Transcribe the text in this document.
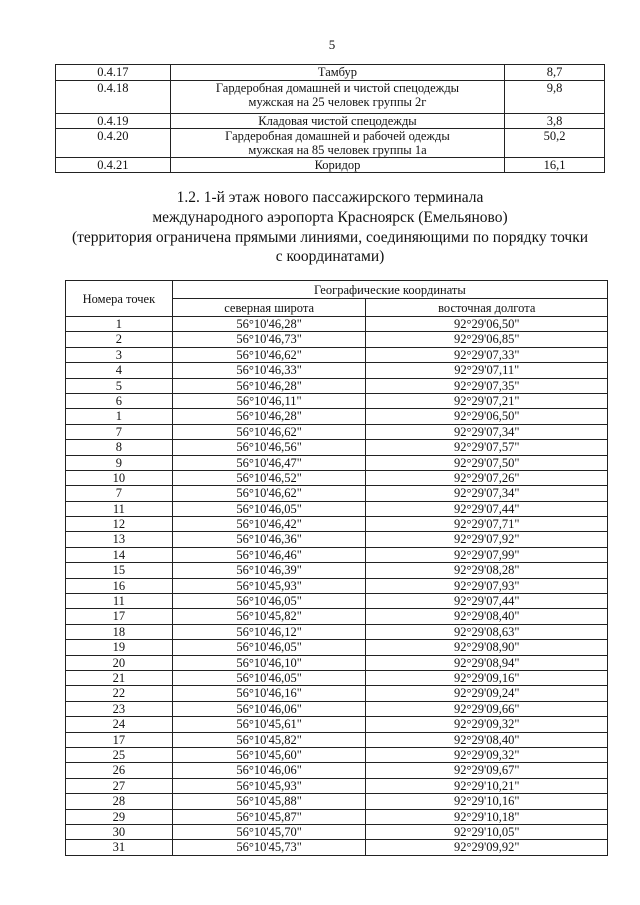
5
0.4.17	Тамбур	8,7
0.4.18	Гардеробная домашней и чистой спецодежды мужская на 25 человек группы 2г	9,8
0.4.19	Кладовая чистой спецодежды	3,8
0.4.20	Гардеробная домашней и рабочей одежды мужская на 85 человек группы 1а	50,2
0.4.21	Коридор	16,1
1.2. 1-й этаж нового пассажирского терминала
международного аэропорта Красноярск (Емельяново)
(территория ограничена прямыми линиями, соединяющими по порядку точки
с координатами)
Номера точек	Географические координаты	
	северная широта	восточная долгота
1	56°10'46,28"	92°29'06,50"
2	56°10'46,73"	92°29'06,85"
3	56°10'46,62"	92°29'07,33"
4	56°10'46,33"	92°29'07,11"
5	56°10'46,28"	92°29'07,35"
6	56°10'46,11"	92°29'07,21"
1	56°10'46,28"	92°29'06,50"
7	56°10'46,62"	92°29'07,34"
8	56°10'46,56"	92°29'07,57"
9	56°10'46,47"	92°29'07,50"
10	56°10'46,52"	92°29'07,26"
7	56°10'46,62"	92°29'07,34"
11	56°10'46,05"	92°29'07,44"
12	56°10'46,42"	92°29'07,71"
13	56°10'46,36"	92°29'07,92"
14	56°10'46,46"	92°29'07,99"
15	56°10'46,39"	92°29'08,28"
16	56°10'45,93"	92°29'07,93"
11	56°10'46,05"	92°29'07,44"
17	56°10'45,82"	92°29'08,40"
18	56°10'46,12"	92°29'08,63"
19	56°10'46,05"	92°29'08,90"
20	56°10'46,10"	92°29'08,94"
21	56°10'46,05"	92°29'09,16"
22	56°10'46,16"	92°29'09,24"
23	56°10'46,06"	92°29'09,66"
24	56°10'45,61"	92°29'09,32"
17	56°10'45,82"	92°29'08,40"
25	56°10'45,60"	92°29'09,32"
26	56°10'46,06"	92°29'09,67"
27	56°10'45,93"	92°29'10,21"
28	56°10'45,88"	92°29'10,16"
29	56°10'45,87"	92°29'10,18"
30	56°10'45,70"	92°29'10,05"
31	56°10'45,73"	92°29'09,92"
